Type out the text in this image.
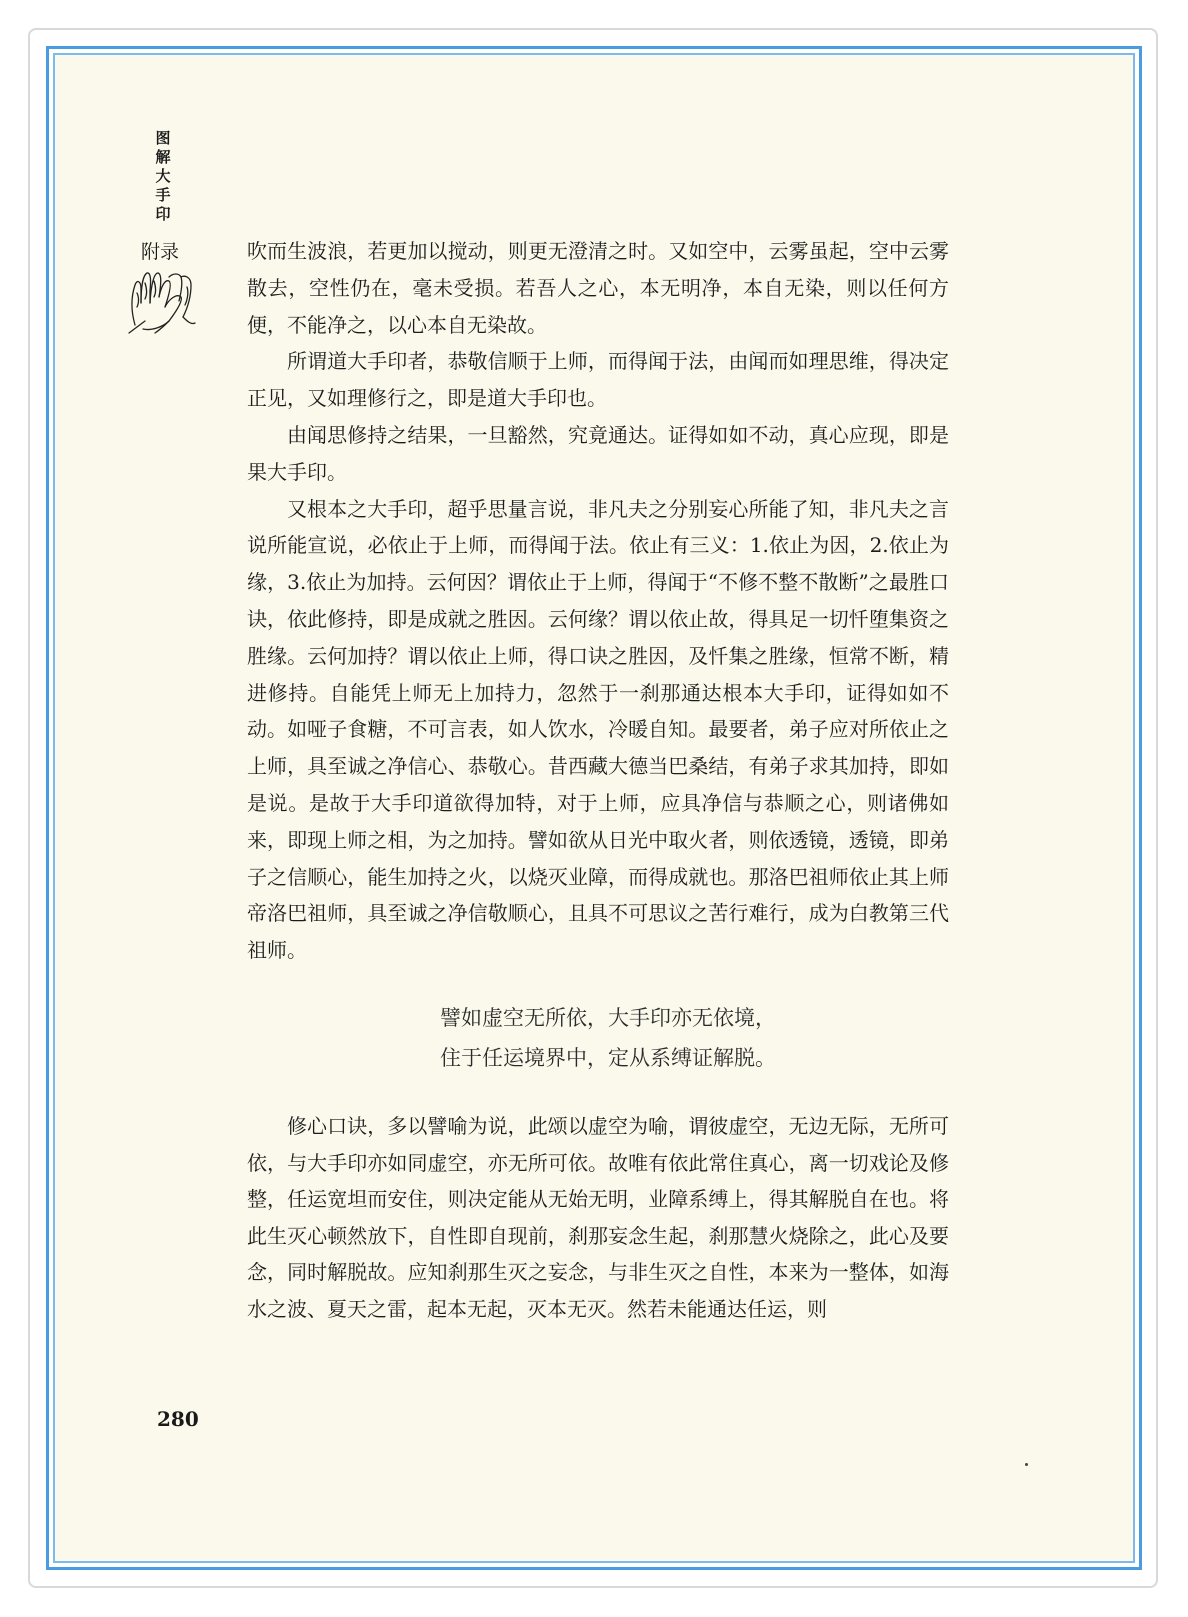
图解大手印
附录	吹而生波浪，若更加以搅动，则更无澄清之时。又如空中，云雾虽起，空中云雾散去，空性仍在，毫未受损。若吾人之心，本无明净，本自无染，则以任何方便，不能净之，以心本自无染故。

所谓道大手印者，恭敬信顺于上师，而得闻于法，由闻而如理思维，得决定正见，又如理修行之，即是道大手印也。

由闻思修持之结果，一旦豁然，究竟通达。证得如如不动，真心应现，即是果大手印。

又根本之大手印，超乎思量言说，非凡夫之分别妄心所能了知，非凡夫之言说所能宣说，必依止于上师，而得闻于法。依止有三义：1.依止为因，2.依止为缘，3.依止为加持。云何因？谓依止于上师，得闻于“不修不整不散断”之最胜口诀，依此修持，即是成就之胜因。云何缘？谓以依止故，得具足一切忏堕集资之胜缘。云何加持？谓以依止上师，得口诀之胜因，及忏集之胜缘，恒常不断，精进修持。自能凭上师无上加持力，忽然于一刹那通达根本大手印，证得如如不动。如哑子食糖，不可言表，如人饮水，冷暖自知。最要者，弟子应对所依止之上师，具至诚之净信心、恭敬心。昔西藏大德当巴桑结，有弟子求其加持，即如是说。是故于大手印道欲得加特，对于上师，应具净信与恭顺之心，则诸佛如来，即现上师之相，为之加持。譬如欲从日光中取火者，则依透镜，透镜，即弟子之信顺心，能生加持之火，以烧灭业障，而得成就也。那洛巴祖师依止其上师帝洛巴祖师，具至诚之净信敬顺心，且具不可思议之苦行难行，成为白教第三代祖师。

譬如虚空无所依，大手印亦无依境，
住于任运境界中，定从系缚证解脱。

修心口诀，多以譬喻为说，此颂以虚空为喻，谓彼虚空，无边无际，无所可依，与大手印亦如同虚空，亦无所可依。故唯有依此常住真心，离一切戏论及修整，任运宽坦而安住，则决定能从无始无明，业障系缚上，得其解脱自在也。将此生灭心顿然放下，自性即自现前，刹那妄念生起，刹那慧火烧除之，此心及要念，同时解脱故。应知刹那生灭之妄念，与非生灭之自性，本来为一整体，如海水之波、夏天之雷，起本无起，灭本无灭。然若未能通达任运，则

280
